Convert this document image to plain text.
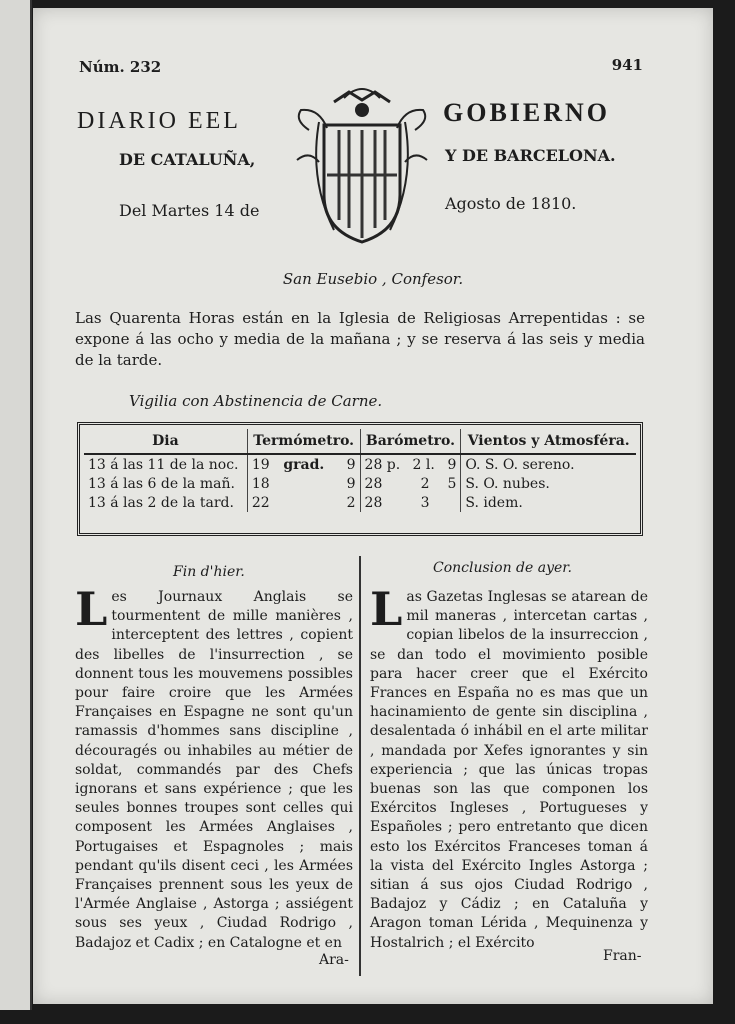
Núm. 232	941
DIARIO EEL	GOBIERNO
DE CATALUÑA,	Y DE BARCELONA.
Del Martes 14 de	Agosto de 1810.
San Eusebio , Confesor.
Las Quarenta Horas están en la Iglesia de Religiosas Arrepentidas : se expone á las ocho y media de la mañana ; y se reserva á las seis y media de la tarde.
Vigilia con Abstinencia de Carne.
Dia	Termómetro.			Barómetro.			Vientos y Atmosféra.
13 á las 11 de la noc.	19	grad.	9	28 p.	2 l.	9	O. S. O. sereno.
13 á las 6 de la mañ.	18		9	28	2	5	S. O. nubes.
13 á las 2 de la tard.	22		2	28	3		S. idem.
Fin d'hier.	Conclusion de ayer.
Les Journaux Anglais se tourmentent de mille manières , interceptent des lettres , copient des libelles de l'insurrection , se donnent tous les mouvemens possibles pour faire croire que les Armées Françaises en Espagne ne sont qu'un ramassis d'hommes sans discipline , découragés ou inhabiles au métier de soldat, commandés par des Chefs ignorans et sans expérience ; que les seules bonnes troupes sont celles qui composent les Armées Anglaises , Portugaises et Espagnoles ; mais pendant qu'ils disent ceci , les Armées Françaises prennent sous les yeux de l'Armée Anglaise , Astorga ; assiégent sous ses yeux , Ciudad Rodrigo , Badajoz et Cadix ; en Catalogne et en
Las Gazetas Inglesas se atarean de mil maneras , intercetan cartas , copian libelos de la insurreccion , se dan todo el movimiento posible para hacer creer que el Exército Frances en España no es mas que un hacinamiento de gente sin disciplina , desalentada ó inhábil en el arte militar , mandada por Xefes ignorantes y sin experiencia ; que las únicas tropas buenas son las que componen los Exércitos Ingleses , Portugueses y Españoles ; pero entretanto que dicen esto los Exércitos Franceses toman á la vista del Exército Ingles Astorga ; sitian á sus ojos Ciudad Rodrigo , Badajoz y Cádiz ; en Cataluña y Aragon toman Lérida , Mequinenza y Hostalrich ; el Exército
Ara-	Fran-
